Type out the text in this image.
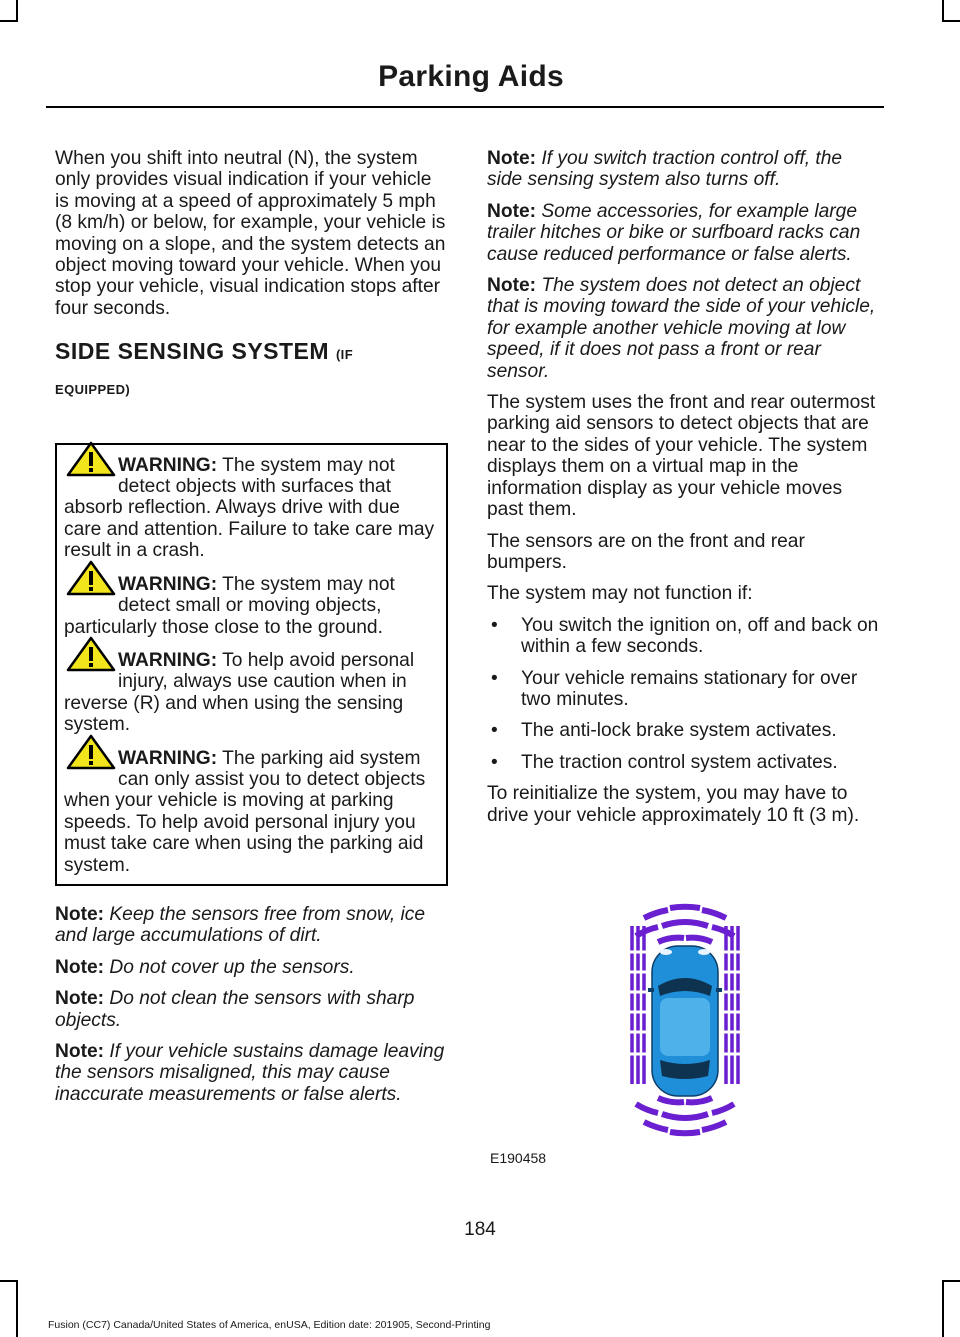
Parking Aids

When you shift into neutral (N), the system only provides visual indication if your vehicle is moving at a speed of approximately 5 mph (8 km/h) or below, for example, your vehicle is moving on a slope, and the system detects an object moving toward your vehicle. When you stop your vehicle, visual indication stops after four seconds.

SIDE SENSING SYSTEM (IF
EQUIPPED)

WARNING: The system may not detect objects with surfaces that absorb reflection. Always drive with due care and attention. Failure to take care may result in a crash.

WARNING: The system may not detect small or moving objects, particularly those close to the ground.

WARNING: To help avoid personal injury, always use caution when in reverse (R) and when using the sensing system.

WARNING: The parking aid system can only assist you to detect objects when your vehicle is moving at parking speeds. To help avoid personal injury you must take care when using the parking aid system.

Note: Keep the sensors free from snow, ice and large accumulations of dirt.

Note: Do not cover up the sensors.

Note: Do not clean the sensors with sharp objects.

Note: If your vehicle sustains damage leaving the sensors misaligned, this may cause inaccurate measurements or false alerts.

Note: If you switch traction control off, the side sensing system also turns off.

Note: Some accessories, for example large trailer hitches or bike or surfboard racks can cause reduced performance or false alerts.

Note: The system does not detect an object that is moving toward the side of your vehicle, for example another vehicle moving at low speed, if it does not pass a front or rear sensor.

The system uses the front and rear outermost parking aid sensors to detect objects that are near to the sides of your vehicle. The system displays them on a virtual map in the information display as your vehicle moves past them.

The sensors are on the front and rear bumpers.

The system may not function if:

• You switch the ignition on, off and back on within a few seconds.
• Your vehicle remains stationary for over two minutes.
• The anti-lock brake system activates.
• The traction control system activates.

To reinitialize the system, you may have to drive your vehicle approximately 10 ft (3 m).

E190458
184
Fusion (CC7) Canada/United States of America, enUSA, Edition date: 201905, Second-Printing
